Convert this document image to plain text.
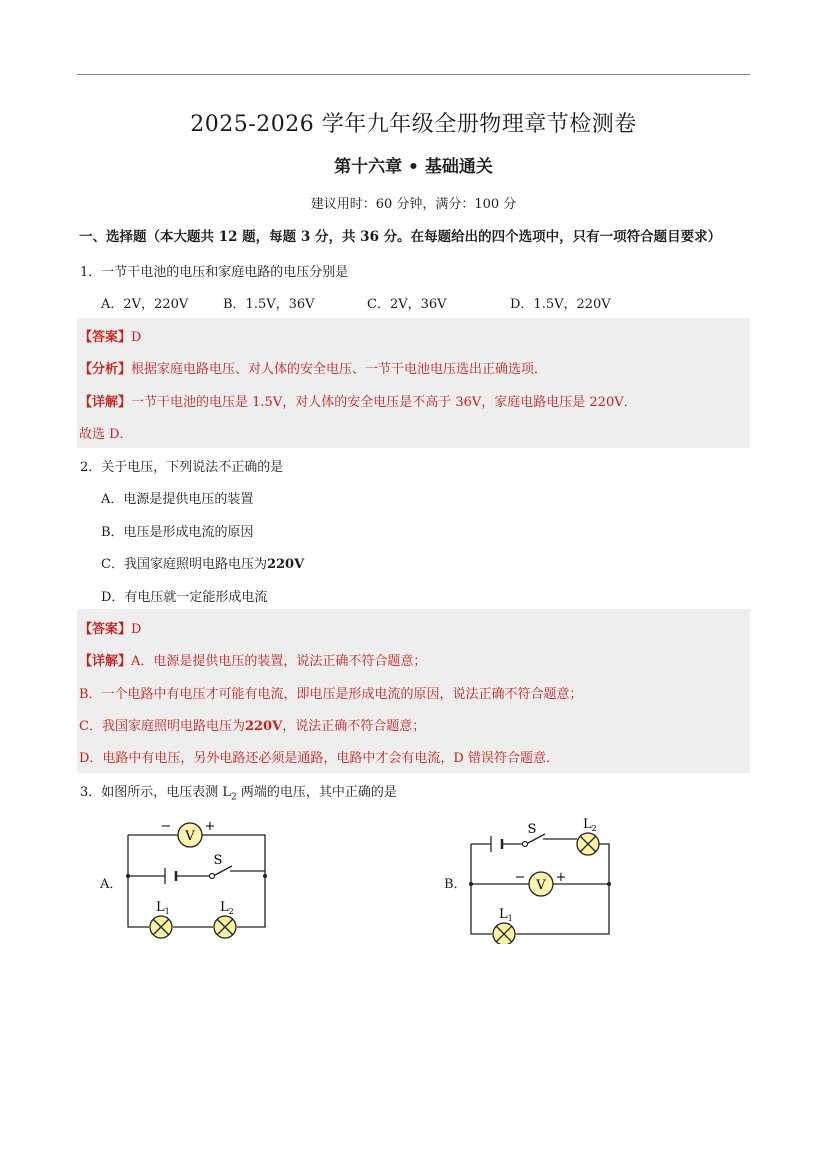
2025-2026 学年九年级全册物理章节检测卷
第十六章 • 基础通关
建议用时：60 分钟，满分：100 分
一、选择题（本大题共 12 题，每题 3 分，共 36 分。在每题给出的四个选项中，只有一项符合题目要求）
1．一节干电池的电压和家庭电路的电压分别是
A．2V，220V	B．1.5V，36V	C．2V，36V	D．1.5V，220V
【答案】D
【分析】根据家庭电路电压、对人体的安全电压、一节干电池电压选出正确选项．
【详解】一节干电池的电压是 1.5V，对人体的安全电压是不高于 36V，家庭电路电压是 220V．
故选 D．
2．关于电压，下列说法不正确的是
A．电源是提供电压的装置
B．电压是形成电流的原因
C．我国家庭照明电路电压为220V
D．有电压就一定能形成电流
【答案】D
【详解】A．电源是提供电压的装置，说法正确不符合题意；
B．一个电路中有电压才可能有电流，即电压是形成电流的原因，说法正确不符合题意；
C．我国家庭照明电路电压为220V，说法正确不符合题意；
D．电路中有电压，另外电路还必须是通路，电路中才会有电流，D 错误符合题意．
3．如图所示，电压表测 $L_2$ 两端的电压，其中正确的是
A．
V
−	+
S
$L_1$	$L_2$
B．
S	$L_2$
V
− +
$L_1$
